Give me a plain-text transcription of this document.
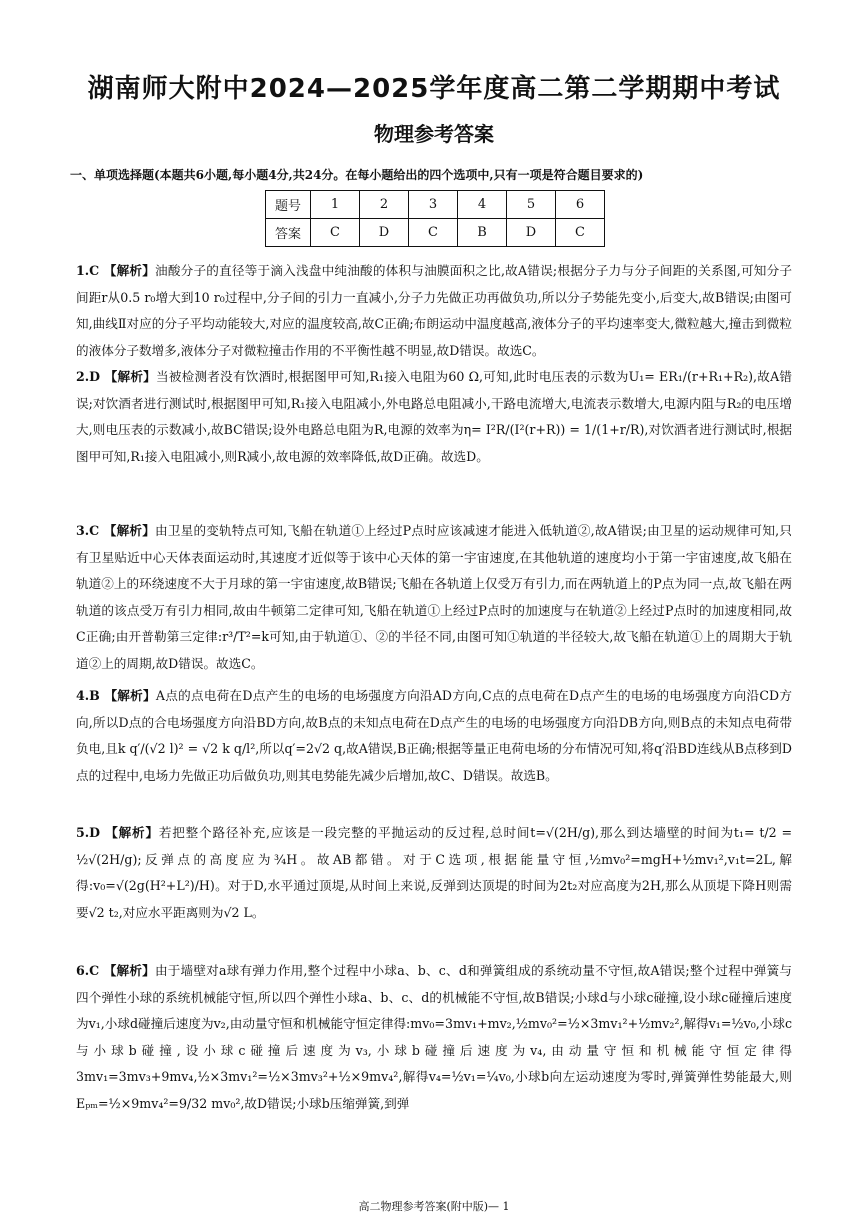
湖南师大附中2024—2025学年度高二第二学期期中考试
物理参考答案
一、单项选择题(本题共6小题,每小题4分,共24分。在每小题给出的四个选项中,只有一项是符合题目要求的)
题号	1	2	3	4	5	6
答案	C	D	C	B	D	C
1.C 【解析】油酸分子的直径等于滴入浅盘中纯油酸的体积与油膜面积之比,故A错误;根据分子力与分子间距的关系图,可知分子间距r从0.5 r₀增大到10 r₀过程中,分子间的引力一直减小,分子力先做正功再做负功,所以分子势能先变小,后变大,故B错误;由图可知,曲线Ⅱ对应的分子平均动能较大,对应的温度较高,故C正确;布朗运动中温度越高,液体分子的平均速率变大,微粒越大,撞击到微粒的液体分子数增多,液体分子对微粒撞击作用的不平衡性越不明显,故D错误。故选C。
2.D 【解析】当被检测者没有饮酒时,根据图甲可知,R₁接入电阻为60 Ω,可知,此时电压表的示数为U₁= ER₁/(r+R₁+R₂),故A错误;对饮酒者进行测试时,根据图甲可知,R₁接入电阻减小,外电路总电阻减小,干路电流增大,电流表示数增大,电源内阻与R₂的电压增大,则电压表的示数减小,故BC错误;设外电路总电阻为R,电源的效率为η= I²R/(I²(r+R)) = 1/(1+r/R),对饮酒者进行测试时,根据图甲可知,R₁接入电阻减小,则R减小,故电源的效率降低,故D正确。故选D。
3.C 【解析】由卫星的变轨特点可知,飞船在轨道①上经过P点时应该减速才能进入低轨道②,故A错误;由卫星的运动规律可知,只有卫星贴近中心天体表面运动时,其速度才近似等于该中心天体的第一宇宙速度,在其他轨道的速度均小于第一宇宙速度,故飞船在轨道②上的环绕速度不大于月球的第一宇宙速度,故B错误;飞船在各轨道上仅受万有引力,而在两轨道上的P点为同一点,故飞船在两轨道的该点受万有引力相同,故由牛顿第二定律可知,飞船在轨道①上经过P点时的加速度与在轨道②上经过P点时的加速度相同,故C正确;由开普勒第三定律:r³/T²=k可知,由于轨道①、②的半径不同,由图可知①轨道的半径较大,故飞船在轨道①上的周期大于轨道②上的周期,故D错误。故选C。
4.B 【解析】A点的点电荷在D点产生的电场的电场强度方向沿AD方向,C点的点电荷在D点产生的电场的电场强度方向沿CD方向,所以D点的合电场强度方向沿BD方向,故B点的未知点电荷在D点产生的电场的电场强度方向沿DB方向,则B点的未知点电荷带负电,且k q′/(√2 l)² = √2 k q/l²,所以q′=2√2 q,故A错误,B正确;根据等量正电荷电场的分布情况可知,将q′沿BD连线从B点移到D点的过程中,电场力先做正功后做负功,则其电势能先减少后增加,故C、D错误。故选B。
5.D 【解析】若把整个路径补充,应该是一段完整的平抛运动的反过程,总时间t=√(2H/g),那么到达墙壁的时间为t₁= t/2 = ½√(2H/g);反弹点的高度应为¾H。故AB都错。对于C选项,根据能量守恒,½mv₀²=mgH+½mv₁²,v₁t=2L,解得:v₀=√(2g(H²+L²)/H)。对于D,水平通过顶堤,从时间上来说,反弹到达顶堤的时间为2t₂对应高度为2H,那么从顶堤下降H则需要√2 t₂,对应水平距离则为√2 L。
6.C 【解析】由于墙壁对a球有弹力作用,整个过程中小球a、b、c、d和弹簧组成的系统动量不守恒,故A错误;整个过程中弹簧与四个弹性小球的系统机械能守恒,所以四个弹性小球a、b、c、d的机械能不守恒,故B错误;小球d与小球c碰撞,设小球c碰撞后速度为v₁,小球d碰撞后速度为v₂,由动量守恒和机械能守恒定律得:mv₀=3mv₁+mv₂,½mv₀²=½×3mv₁²+½mv₂²,解得v₁=½v₀,小球c与小球b碰撞,设小球c碰撞后速度为v₃,小球b碰撞后速度为v₄,由动量守恒和机械能守恒定律得3mv₁=3mv₃+9mv₄,½×3mv₁²=½×3mv₃²+½×9mv₄²,解得v₄=½v₁=¼v₀,小球b向左运动速度为零时,弹簧弹性势能最大,则Eₚₘ=½×9mv₄²=9/32 mv₀²,故D错误;小球b压缩弹簧,到弹
高二物理参考答案(附中版)— 1
